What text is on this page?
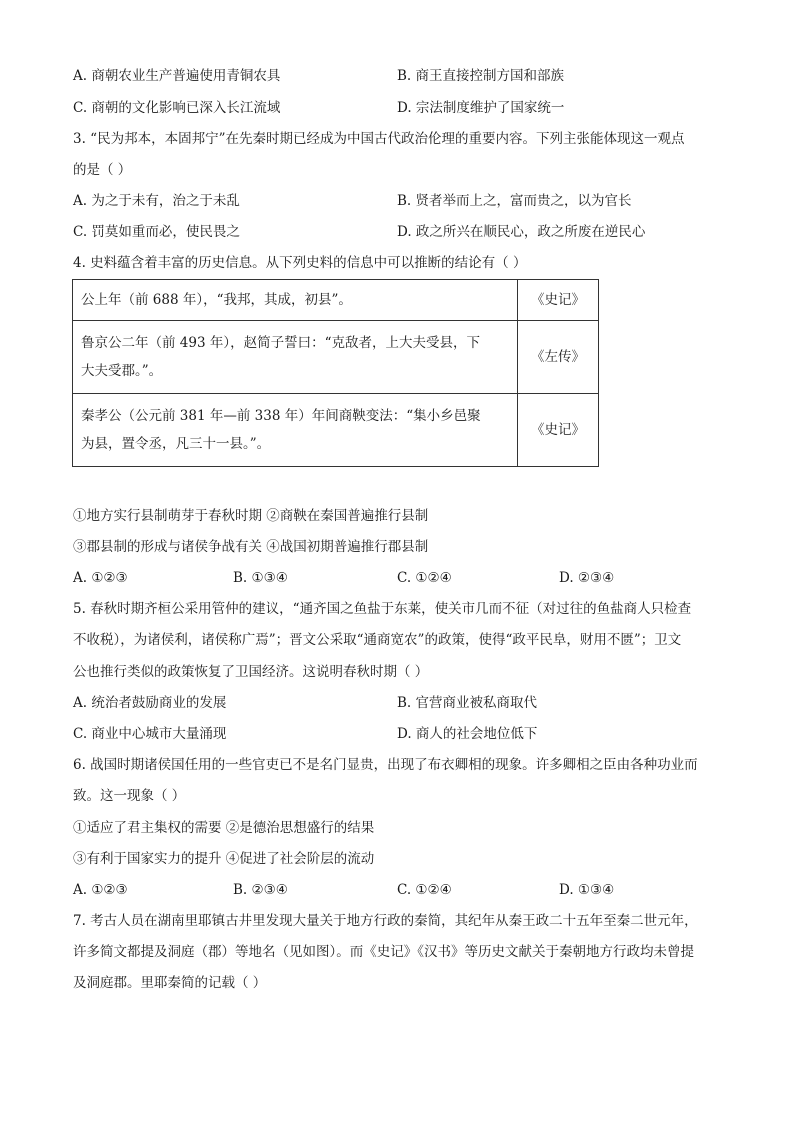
A. 商朝农业生产普遍使用青铜农具	B. 商王直接控制方国和部族
C. 商朝的文化影响已深入长江流域	D. 宗法制度维护了国家统一
3. “民为邦本，本固邦宁”在先秦时期已经成为中国古代政治伦理的重要内容。下列主张能体现这一观点
的是（ ）
A. 为之于未有，治之于未乱	B. 贤者举而上之，富而贵之，以为官长
C. 罚莫如重而必，使民畏之	D. 政之所兴在顺民心，政之所废在逆民心
4. 史料蕴含着丰富的历史信息。从下列史料的信息中可以推断的结论有（ ）
公上年（前 688 年），“我邦，其成，初县”。	《史记》

鲁京公二年（前 493 年），赵简子誓曰：“克敌者，上大夫受县，下
大夫受郡。”。	《左传》

秦孝公（公元前 381 年—前 338 年）年间商鞅变法：“集小乡邑聚
为县，置令丞，凡三十一县。”。	《史记》
①地方实行县制萌芽于春秋时期 ②商鞅在秦国普遍推行县制
③郡县制的形成与诸侯争战有关 ④战国初期普遍推行郡县制
A. ①②③	B. ①③④	C. ①②④	D. ②③④
5. 春秋时期齐桓公采用管仲的建议，“通齐国之鱼盐于东莱，使关市几而不征（对过往的鱼盐商人只检查
不收税），为诸侯利，诸侯称广焉”；晋文公采取“通商宽农”的政策，使得“政平民阜，财用不匮”；卫文
公也推行类似的政策恢复了卫国经济。这说明春秋时期（ ）
A. 统治者鼓励商业的发展	B. 官营商业被私商取代
C. 商业中心城市大量涌现	D. 商人的社会地位低下
6. 战国时期诸侯国任用的一些官吏已不是名门显贵，出现了布衣卿相的现象。许多卿相之臣由各种功业而
致。这一现象（ ）
①适应了君主集权的需要 ②是德治思想盛行的结果
③有利于国家实力的提升 ④促进了社会阶层的流动
A. ①②③	B. ②③④	C. ①②④	D. ①③④
7. 考古人员在湖南里耶镇古井里发现大量关于地方行政的秦简，其纪年从秦王政二十五年至秦二世元年，
许多简文都提及洞庭（郡）等地名（见如图）。而《史记》《汉书》等历史文献关于秦朝地方行政均未曾提
及洞庭郡。里耶秦简的记载（ ）
